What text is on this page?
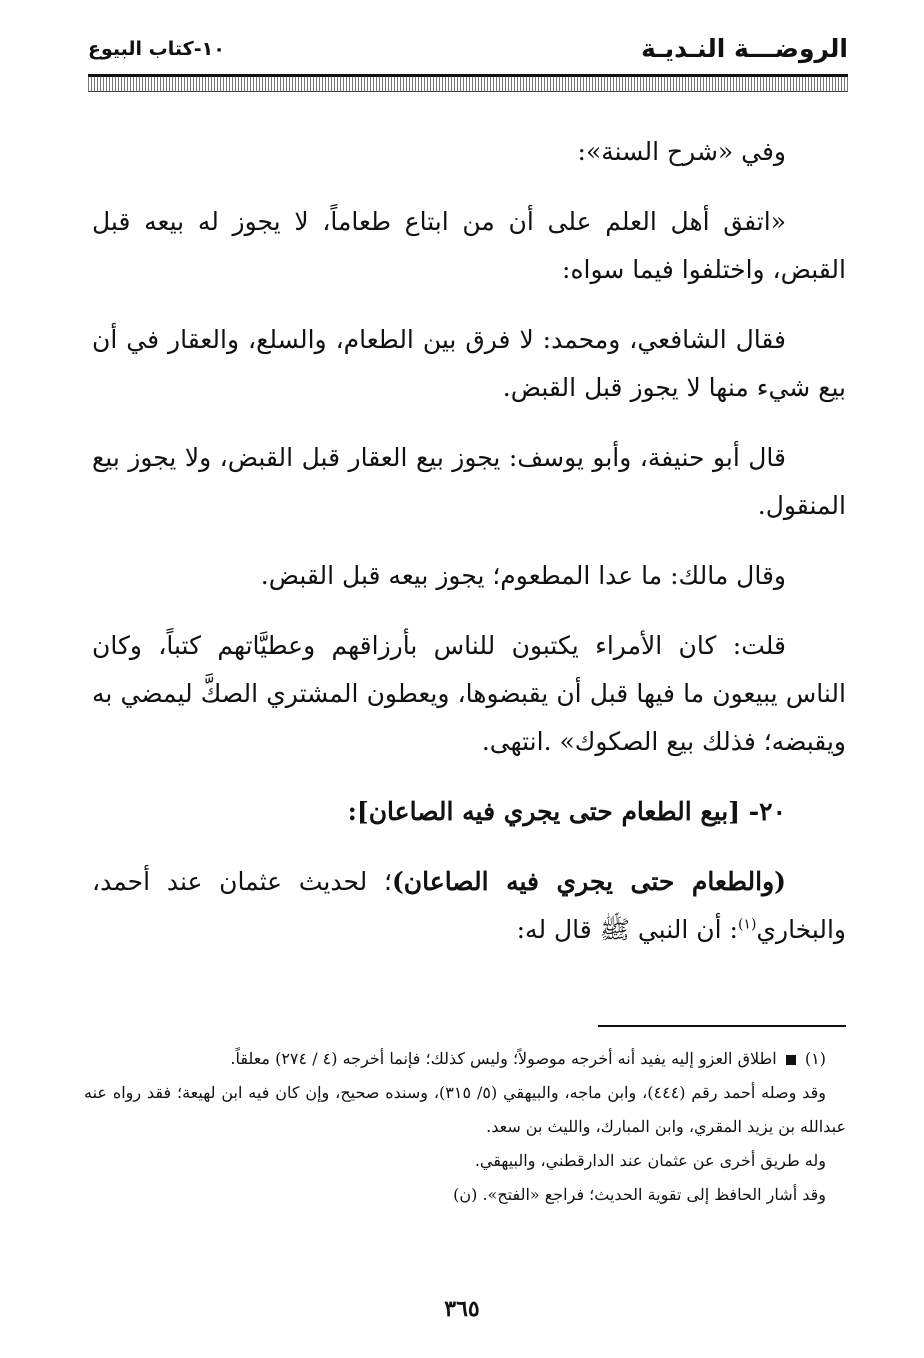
الروضـــة النـديـة
١٠-كتاب البيوع

وفي «شرح السنة»:

«اتفق أهل العلم على أن من ابتاع طعاماً، لا يجوز له بيعه قبل القبض، واختلفوا فيما سواه:

فقال الشافعي، ومحمد: لا فرق بين الطعام، والسلع، والعقار في أن بيع شيء منها لا يجوز قبل القبض.

قال أبو حنيفة، وأبو يوسف: يجوز بيع العقار قبل القبض، ولا يجوز بيع المنقول.

وقال مالك: ما عدا المطعوم؛ يجوز بيعه قبل القبض.

قلت: كان الأمراء يكتبون للناس بأرزاقهم وعطيَّاتهم كتباً، وكان الناس يبيعون ما فيها قبل أن يقبضوها، ويعطون المشتري الصكَّ ليمضي به ويقبضه؛ فذلك بيع الصكوك» .انتهى.

٢٠- [بيع الطعام حتى يجري فيه الصاعان]:

(والطعام حتى يجري فيه الصاعان)؛ لحديث عثمان عند أحمد، والبخاري$^{(١)}$: أن النبي ﷺ قال له:

(١)  اطلاق العزو إليه يفيد أنه أخرجه موصولاً؛ وليس كذلك؛ فإنما أخرجه (٤ / ٢٧٤) معلقاً.

وقد وصله أحمد رقم (٤٤٤)، وابن ماجه، والبيهقي (٥/ ٣١٥)، وسنده صحيح، وإن كان فيه ابن لهيعة؛ فقد رواه عنه عبدالله بن يزيد المقري، وابن المبارك، والليث بن سعد.

وله طريق أخرى عن عثمان عند الدارقطني، والبيهقي.

وقد أشار الحافظ إلى تقوية الحديث؛ فراجع «الفتح». (ن)

٣٦٥
